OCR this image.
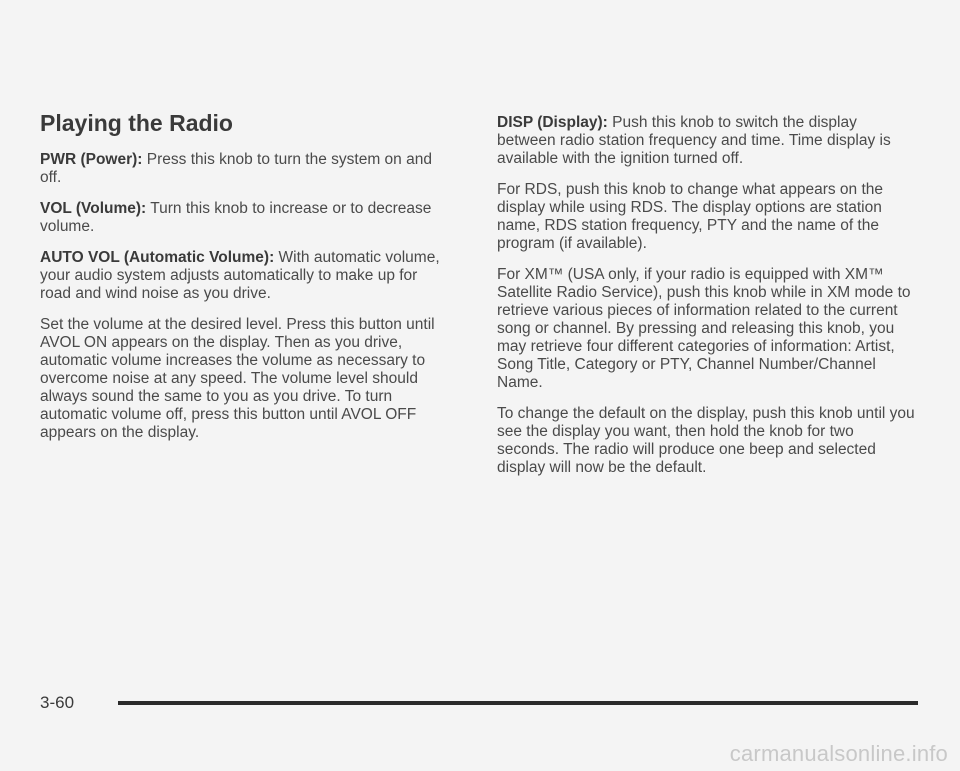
Playing the Radio

PWR (Power): Press this knob to turn the system on and off.

VOL (Volume): Turn this knob to increase or to decrease volume.

AUTO VOL (Automatic Volume): With automatic volume, your audio system adjusts automatically to make up for road and wind noise as you drive.

Set the volume at the desired level. Press this button until AVOL ON appears on the display. Then as you drive, automatic volume increases the volume as necessary to overcome noise at any speed. The volume level should always sound the same to you as you drive. To turn automatic volume off, press this button until AVOL OFF appears on the display.

DISP (Display): Push this knob to switch the display between radio station frequency and time. Time display is available with the ignition turned off.

For RDS, push this knob to change what appears on the display while using RDS. The display options are station name, RDS station frequency, PTY and the name of the program (if available).

For XM™ (USA only, if your radio is equipped with XM™ Satellite Radio Service), push this knob while in XM mode to retrieve various pieces of information related to the current song or channel. By pressing and releasing this knob, you may retrieve four different categories of information: Artist, Song Title, Category or PTY, Channel Number/Channel Name.

To change the default on the display, push this knob until you see the display you want, then hold the knob for two seconds. The radio will produce one beep and selected display will now be the default.

3-60
carmanualsonline.info
